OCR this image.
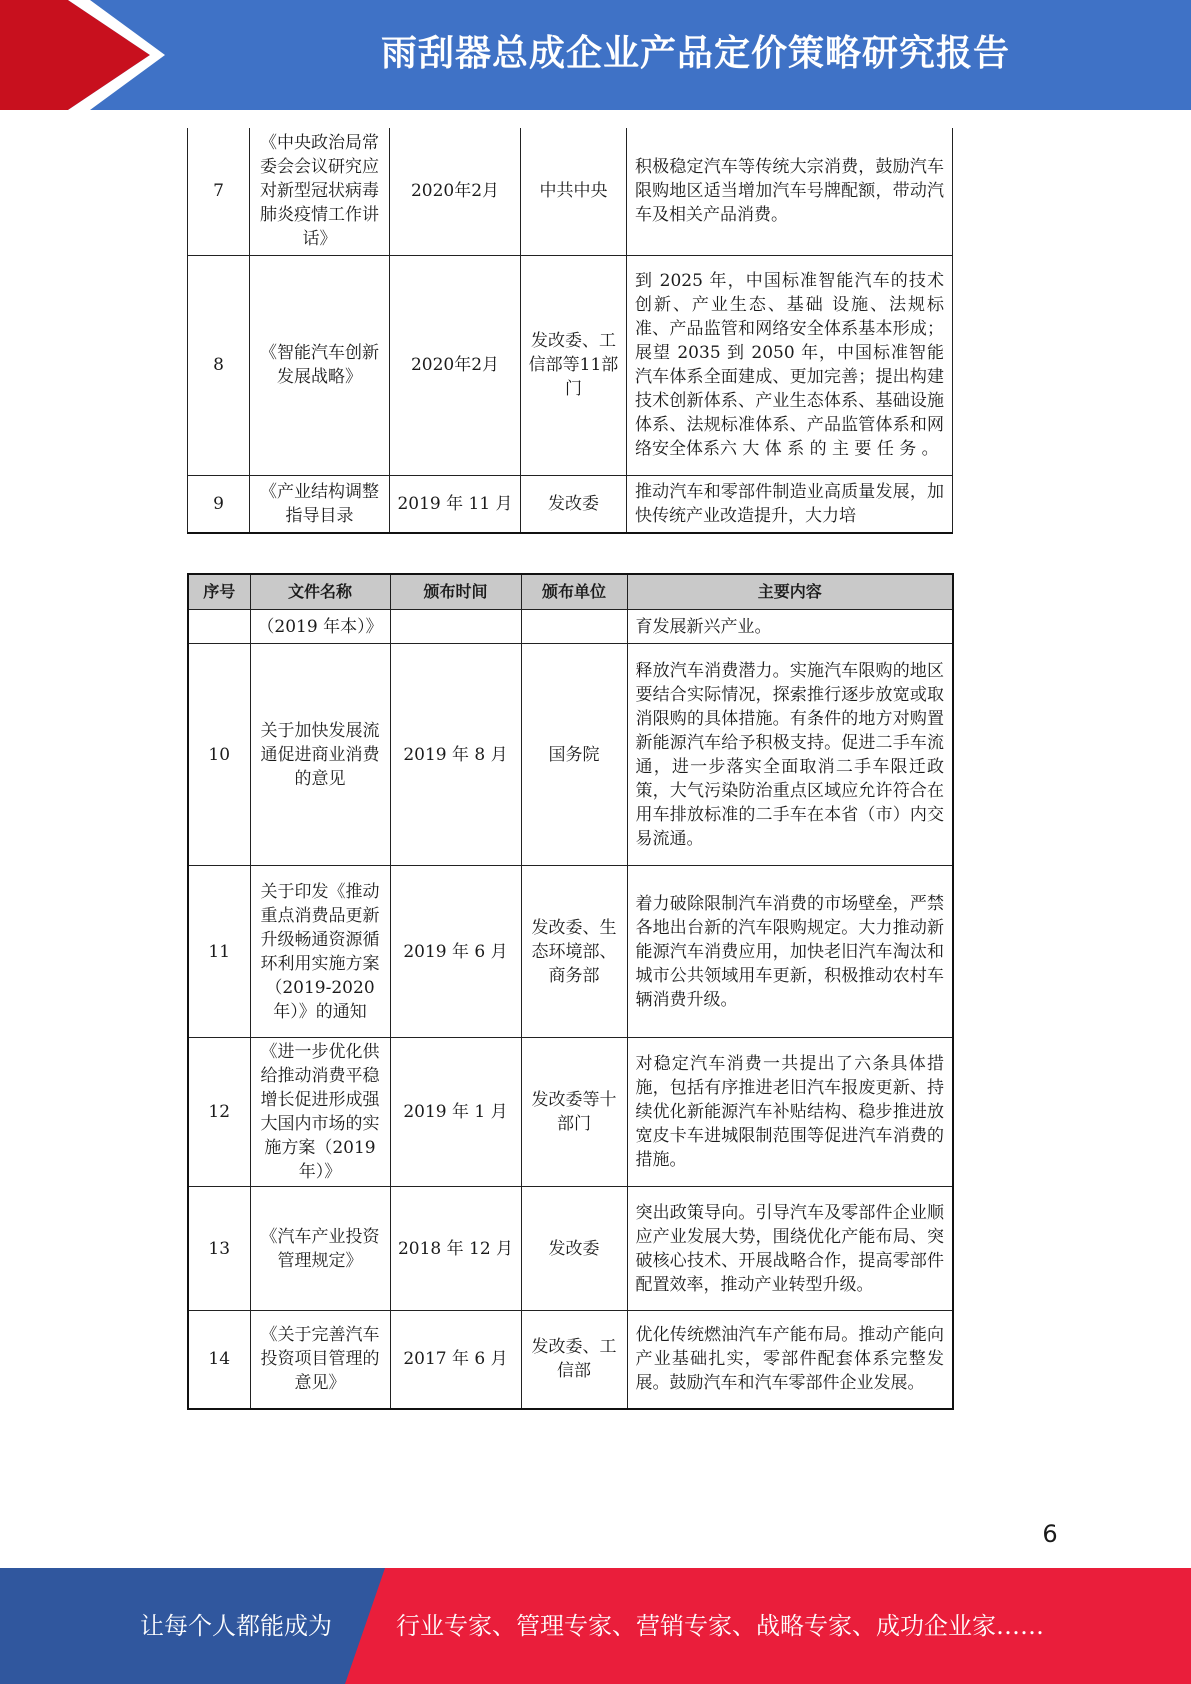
雨刮器总成企业产品定价策略研究报告
7	《中央政治局常委会会议研究应对新型冠状病毒肺炎疫情工作讲话》	2020年2月	中共中央	积极稳定汽车等传统大宗消费，鼓励汽车限购地区适当增加汽车号牌配额，带动汽车及相关产品消费。
8	《智能汽车创新发展战略》	2020年2月	发改委、工信部等11部门	到 2025 年，中国标准智能汽车的技术创新、产业生态、基础 设施、法规标准、产品监管和网络安全体系基本形成；展望 2035 到 2050 年，中国标准智能汽车体系全面建成、更加完善；提出构建技术创新体系、产业生态体系、基础设施体系、法规标准体系、产品监管体系和网络安全体系六 大 体 系 的 主 要 任 务 。
9	《产业结构调整指导目录	2019 年 11 月	发改委	推动汽车和零部件制造业高质量发展，加快传统产业改造提升，大力培
序号	文件名称	颁布时间	颁布单位	主要内容
	（2019 年本）》			育发展新兴产业。
10	关于加快发展流通促进商业消费的意见	2019 年 8 月	国务院	释放汽车消费潜力。实施汽车限购的地区要结合实际情况，探索推行逐步放宽或取消限购的具体措施。有条件的地方对购置新能源汽车给予积极支持。促进二手车流通，进一步落实全面取消二手车限迁政策，大气污染防治重点区域应允许符合在用车排放标准的二手车在本省（市）内交易流通。
11	关于印发《推动重点消费品更新升级畅通资源循环利用实施方案（2019-2020年）》的通知	2019 年 6 月	发改委、生态环境部、商务部	着力破除限制汽车消费的市场壁垒，严禁各地出台新的汽车限购规定。大力推动新能源汽车消费应用，加快老旧汽车淘汰和城市公共领域用车更新，积极推动农村车辆消费升级。
12	《进一步优化供给推动消费平稳增长促进形成强大国内市场的实施方案（2019年）》	2019 年 1 月	发改委等十部门	对稳定汽车消费一共提出了六条具体措施，包括有序推进老旧汽车报废更新、持续优化新能源汽车补贴结构、稳步推进放宽皮卡车进城限制范围等促进汽车消费的措施。
13	《汽车产业投资管理规定》	2018 年 12 月	发改委	突出政策导向。引导汽车及零部件企业顺应产业发展大势，围绕优化产能布局、突破核心技术、开展战略合作，提高零部件配置效率，推动产业转型升级。
14	《关于完善汽车投资项目管理的意见》	2017 年 6 月	发改委、工信部	优化传统燃油汽车产能布局。推动产能向产业基础扎实，零部件配套体系完整发展。鼓励汽车和汽车零部件企业发展。
6
让每个人都能成为	行业专家、管理专家、营销专家、战略专家、成功企业家……
